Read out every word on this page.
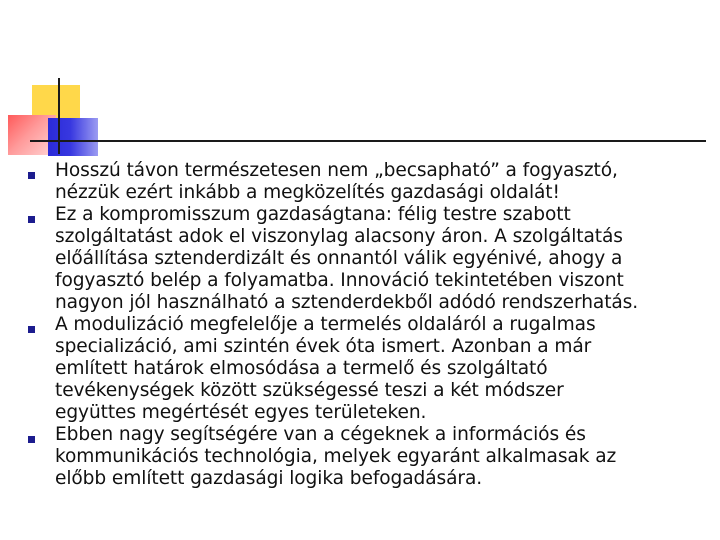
Hosszú távon természetesen nem „becsapható” a fogyasztó,
nézzük ezért inkább a megközelítés gazdasági oldalát!
Ez a kompromisszum gazdaságtana: félig testre szabott
szolgáltatást adok el viszonylag alacsony áron. A szolgáltatás
előállítása sztenderdizált és onnantól válik egyénivé, ahogy a
fogyasztó belép a folyamatba. Innováció tekintetében viszont
nagyon jól használható a sztenderdekből adódó rendszerhatás.
A modulizáció megfelelője a termelés oldaláról a rugalmas
specializáció, ami szintén évek óta ismert. Azonban a már
említett határok elmosódása a termelő és szolgáltató
tevékenységek között szükségessé teszi a két módszer
együttes megértését egyes területeken.
Ebben nagy segítségére van a cégeknek a információs és
kommunikációs technológia, melyek egyaránt alkalmasak az
előbb említett gazdasági logika befogadására.
